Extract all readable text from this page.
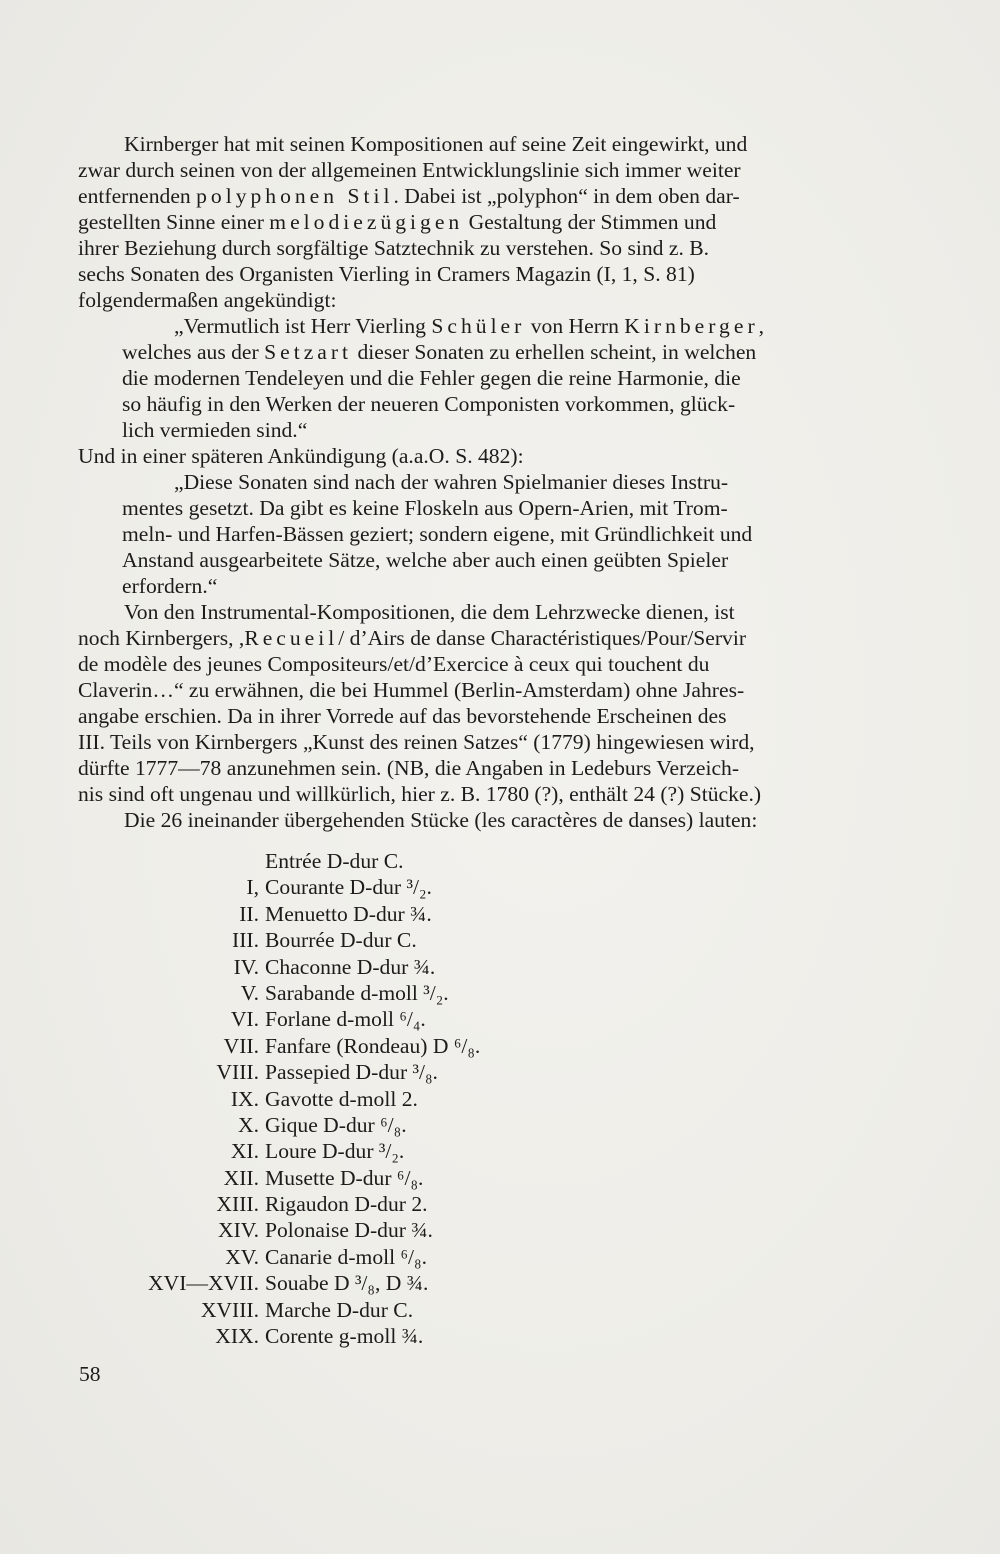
Kirnberger hat mit seinen Kompositionen auf seine Zeit eingewirkt, und
zwar durch seinen von der allgemeinen Entwicklungslinie sich immer weiter
entfernenden polyphonen Stil. Dabei ist „polyphon“ in dem oben dar-
gestellten Sinne einer melodiezügigen Gestaltung der Stimmen und
ihrer Beziehung durch sorgfältige Satztechnik zu verstehen. So sind z. B.
sechs Sonaten des Organisten Vierling in Cramers Magazin (I, 1, S. 81)
folgendermaßen angekündigt:
„Vermutlich ist Herr Vierling Schüler von Herrn Kirnberger,
welches aus der Setzart dieser Sonaten zu erhellen scheint, in welchen
die modernen Tendeleyen und die Fehler gegen die reine Harmonie, die
so häufig in den Werken der neueren Componisten vorkommen, glück-
lich vermieden sind.“
Und in einer späteren Ankündigung (a.a.O. S. 482):
„Diese Sonaten sind nach der wahren Spielmanier dieses Instru-
mentes gesetzt. Da gibt es keine Floskeln aus Opern-Arien, mit Trom-
meln- und Harfen-Bässen geziert; sondern eigene, mit Gründlichkeit und
Anstand ausgearbeitete Sätze, welche aber auch einen geübten Spieler
erfordern.“
Von den Instrumental-Kompositionen, die dem Lehrzwecke dienen, ist
noch Kirnbergers, ,Recueil/ d’Airs de danse Charactéristiques/Pour/Servir
de modèle des jeunes Compositeurs/et/d’Exercice à ceux qui touchent du
Claverin…“ zu erwähnen, die bei Hummel (Berlin-Amsterdam) ohne Jahres-
angabe erschien. Da in ihrer Vorrede auf das bevorstehende Erscheinen des
III. Teils von Kirnbergers „Kunst des reinen Satzes“ (1779) hingewiesen wird,
dürfte 1777—78 anzunehmen sein. (NB, die Angaben in Ledeburs Verzeich-
nis sind oft ungenau und willkürlich, hier z. B. 1780 (?), enthält 24 (?) Stücke.)
Die 26 ineinander übergehenden Stücke (les caractères de danses) lauten:
Entrée D-dur C.
I, Courante D-dur ³/₂.
II. Menuetto D-dur ¾.
III. Bourrée D-dur C.
IV. Chaconne D-dur ¾.
V. Sarabande d-moll ³/₂.
VI. Forlane d-moll ⁶/₄.
VII. Fanfare (Rondeau) D ⁶/₈.
VIII. Passepied D-dur ³/₈.
IX. Gavotte d-moll 2.
X. Gique D-dur ⁶/₈.
XI. Loure D-dur ³/₂.
XII. Musette D-dur ⁶/₈.
XIII. Rigaudon D-dur 2.
XIV. Polonaise D-dur ¾.
XV. Canarie d-moll ⁶/₈.
XVI—XVII. Souabe D ³/₈, D ¾.
XVIII. Marche D-dur C.
XIX. Corente g-moll ¾.
58
